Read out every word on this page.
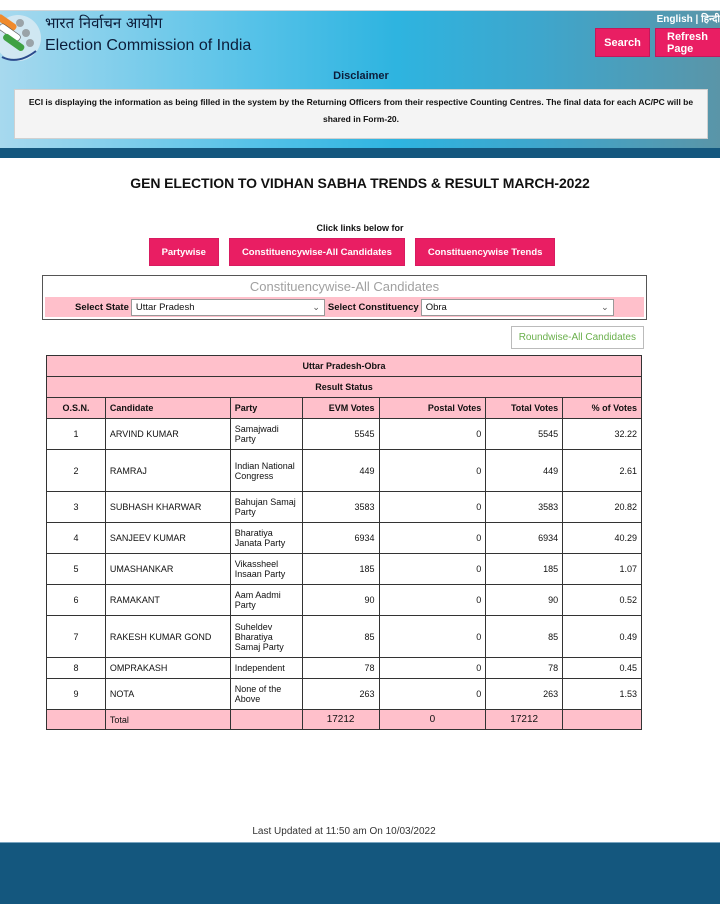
भारत निर्वाचन आयोग
Election Commission of India
English | हिन्दी
Search	Refresh Page
Disclaimer
ECI is displaying the information as being filled in the system by the Returning Officers from their respective Counting Centres. The final data for each AC/PC will be shared in Form-20.
GEN ELECTION TO VIDHAN SABHA TRENDS & RESULT MARCH-2022
Click links below for
Partywise	Constituencywise-All Candidates	Constituencywise Trends
Constituencywise-All Candidates
Select State Uttar Pradesh	⌄ Select Constituency Obra	⌄
Roundwise-All Candidates
Uttar Pradesh-Obra						
Result Status						
O.S.N.	Candidate	Party	EVM Votes	Postal Votes	Total Votes	% of Votes
1	ARVIND KUMAR	Samajwadi Party	5545	0	5545	32.22
2	RAMRAJ	Indian National Congress	449	0	449	2.61
3	SUBHASH KHARWAR	Bahujan Samaj Party	3583	0	3583	20.82
4	SANJEEV KUMAR	Bharatiya Janata Party	6934	0	6934	40.29
5	UMASHANKAR	Vikassheel Insaan Party	185	0	185	1.07
6	RAMAKANT	Aam Aadmi Party	90	0	90	0.52
7	RAKESH KUMAR GOND	Suheldev Bharatiya Samaj Party	85	0	85	0.49
8	OMPRAKASH	Independent	78	0	78	0.45
9	NOTA	None of the Above	263	0	263	1.53
	Total		17212	0	17212	
Last Updated at 11:50 am On 10/03/2022
